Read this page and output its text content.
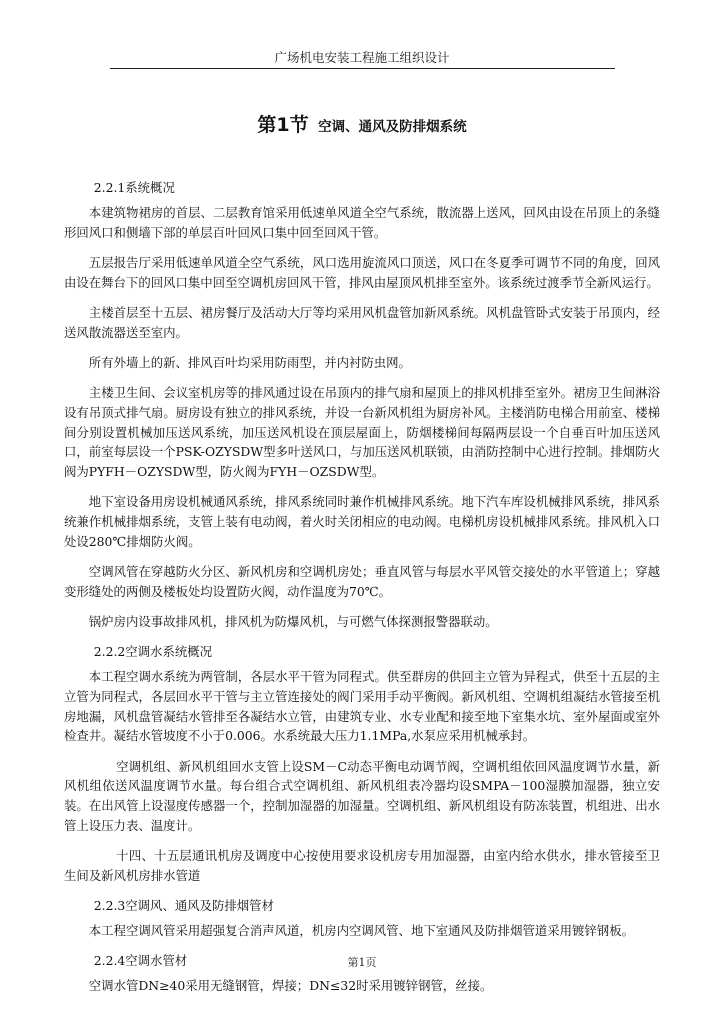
广场机电安装工程施工组织设计
第1节 空调、通风及防排烟系统

2.2.1系统概况

本建筑物裙房的首层、二层教育馆采用低速单风道全空气系统，散流器上送风，回风由设在吊顶上的条缝形回风口和侧墙下部的单层百叶回风口集中回至回风干管。

五层报告厅采用低速单风道全空气系统，风口选用旋流风口顶送，风口在冬夏季可调节不同的角度，回风由设在舞台下的回风口集中回至空调机房回风干管，排风由屋顶风机排至室外。该系统过渡季节全新风运行。

主楼首层至十五层、裙房餐厅及活动大厅等均采用风机盘管加新风系统。风机盘管卧式安装于吊顶内，经送风散流器送至室内。

所有外墙上的新、排风百叶均采用防雨型，并内衬防虫网。

主楼卫生间、会议室机房等的排风通过设在吊顶内的排气扇和屋顶上的排风机排至室外。裙房卫生间淋浴设有吊顶式排气扇。厨房设有独立的排风系统，并设一台新风机组为厨房补风。主楼消防电梯合用前室、楼梯间分别设置机械加压送风系统，加压送风机设在顶层屋面上，防烟楼梯间每隔两层设一个自垂百叶加压送风口，前室每层设一个PSK-OZYSDW型多叶送风口，与加压送风机联锁，由消防控制中心进行控制。排烟防火阀为PYFH－OZYSDW型，防火阀为FYH－OZSDW型。

地下室设备用房设机械通风系统，排风系统同时兼作机械排风系统。地下汽车库设机械排风系统，排风系统兼作机械排烟系统，支管上装有电动阀，着火时关闭相应的电动阀。电梯机房设机械排风系统。排风机入口处设280℃排烟防火阀。

空调风管在穿越防火分区、新风机房和空调机房处；垂直风管与每层水平风管交接处的水平管道上；穿越变形缝处的两侧及楼板处均设置防火阀，动作温度为70℃。

锅炉房内设事故排风机，排风机为防爆风机，与可燃气体探测报警器联动。

2.2.2空调水系统概况

本工程空调水系统为两管制，各层水平干管为同程式。供至群房的供回主立管为异程式，供至十五层的主立管为同程式，各层回水平干管与主立管连接处的阀门采用手动平衡阀。新风机组、空调机组凝结水管接至机房地漏，风机盘管凝结水管排至各凝结水立管，由建筑专业、水专业配和接至地下室集水坑、室外屋面或室外检查井。凝结水管坡度不小于0.006。水系统最大压力1.1MPa,水泵应采用机械承封。

空调机组、新风机组回水支管上设SM－C动态平衡电动调节阀，空调机组依回风温度调节水量，新风机组依送风温度调节水量。每台组合式空调机组、新风机组表冷器均设SMPA－100湿膜加湿器，独立安装。在出风管上设湿度传感器一个，控制加湿器的加湿量。空调机组、新风机组设有防冻装置，机组进、出水管上设压力表、温度计。

十四、十五层通讯机房及调度中心按使用要求设机房专用加湿器，由室内给水供水，排水管接至卫生间及新风机房排水管道

2.2.3空调风、通风及防排烟管材

本工程空调风管采用超强复合消声风道，机房内空调风管、地下室通风及防排烟管道采用镀锌钢板。

2.2.4空调水管材

空调水管DN≥40采用无缝钢管，焊接；DN≤32时采用镀锌钢管，丝接。

第1页
